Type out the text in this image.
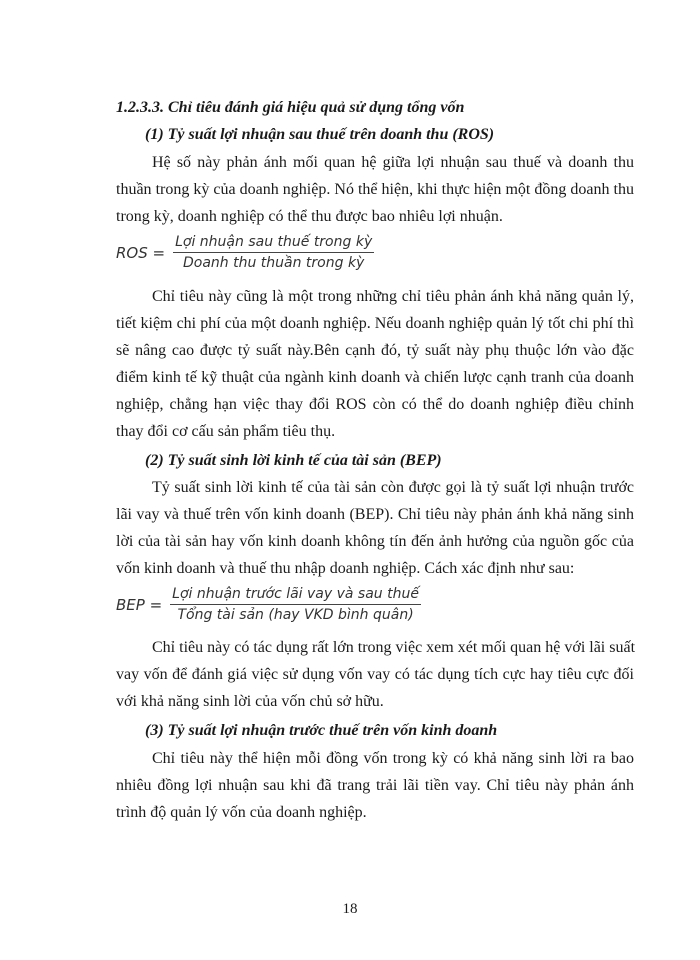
1.2.3.3. Chỉ tiêu đánh giá hiệu quả sử dụng tổng vốn
(1) Tỷ suất lợi nhuận sau thuế trên doanh thu (ROS)
Hệ số này phản ánh mối quan hệ giữa lợi nhuận sau thuế và doanh thu
thuần trong kỳ của doanh nghiệp. Nó thể hiện, khi thực hiện một đồng doanh thu
trong kỳ, doanh nghiệp có thể thu được bao nhiêu lợi nhuận.
ROS = $\frac{\text{Lợi nhuận sau thuế trong kỳ}}{\text{Doanh thu thuần trong kỳ}}$
Chỉ tiêu này cũng là một trong những chỉ tiêu phản ánh khả năng quản lý,
tiết kiệm chi phí của một doanh nghiệp. Nếu doanh nghiệp quản lý tốt chi phí thì
sẽ nâng cao được tỷ suất này.Bên cạnh đó, tỷ suất này phụ thuộc lớn vào đặc
điểm kinh tế kỹ thuật của ngành kinh doanh và chiến lược cạnh tranh của doanh
nghiệp, chẳng hạn việc thay đổi ROS còn có thể do doanh nghiệp điều chỉnh
thay đổi cơ cấu sản phẩm tiêu thụ.
(2) Tỷ suất sinh lời kinh tế của tài sản (BEP)
Tỷ suất sinh lời kinh tế của tài sản còn được gọi là tỷ suất lợi nhuận trước
lãi vay và thuế trên vốn kinh doanh (BEP). Chỉ tiêu này phản ánh khả năng sinh
lời của tài sản hay vốn kinh doanh không tín đến ảnh hưởng của nguồn gốc của
vốn kinh doanh và thuế thu nhập doanh nghiệp. Cách xác định như sau:
BEP = $\frac{\text{Lợi nhuận trước lãi vay và sau thuế}}{\text{Tổng tài sản (hay VKD bình quân)}}$
Chỉ tiêu này có tác dụng rất lớn trong việc xem xét mối quan hệ với lãi suất
vay vốn để đánh giá việc sử dụng vốn vay có tác dụng tích cực hay tiêu cực đối
với khả năng sinh lời của vốn chủ sở hữu.
(3) Tỷ suất lợi nhuận trước thuế trên vốn kinh doanh
Chỉ tiêu này thể hiện mỗi đồng vốn trong kỳ có khả năng sinh lời ra bao
nhiêu đồng lợi nhuận sau khi đã trang trải lãi tiền vay. Chỉ tiêu này phản ánh
trình độ quản lý vốn của doanh nghiệp.
18
